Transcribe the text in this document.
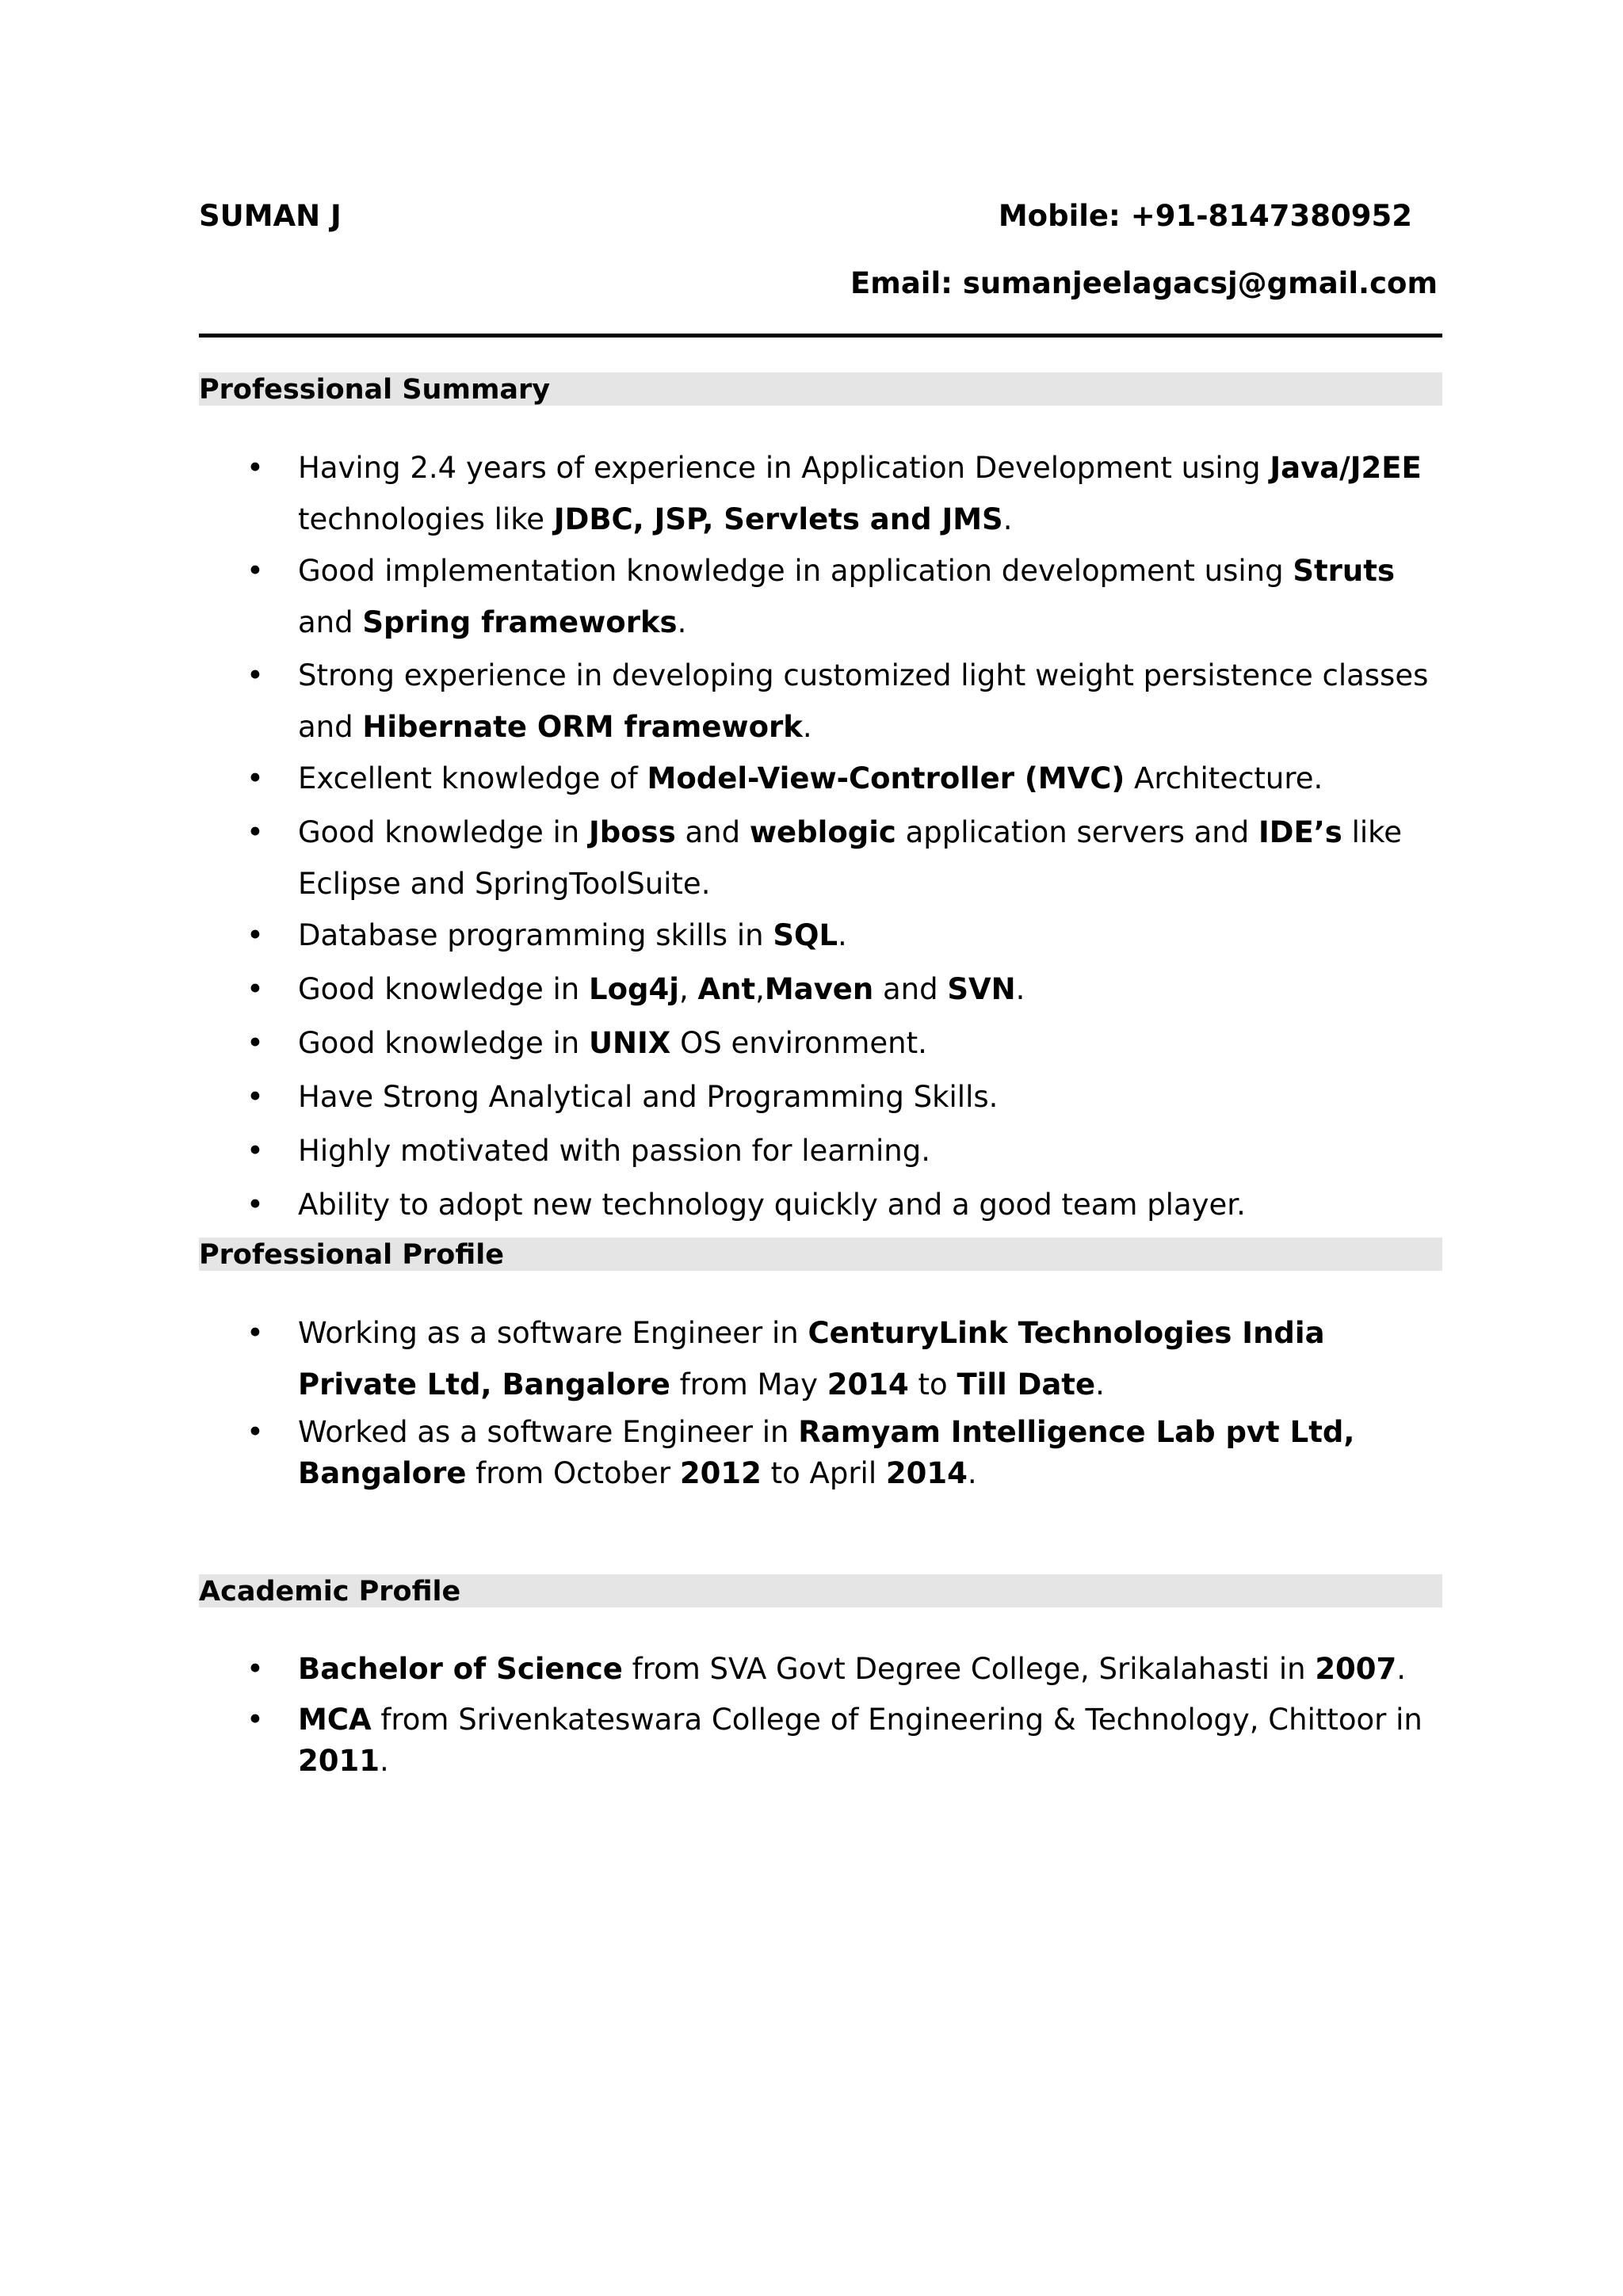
SUMAN J	Mobile: +91-8147380952
Email: sumanjeelagacsj@gmail.com
Professional Summary
• Having 2.4 years of experience in Application Development using Java/J2EE technologies like JDBC, JSP, Servlets and JMS.
• Good implementation knowledge in application development using Struts and Spring frameworks.
• Strong experience in developing customized light weight persistence classes and Hibernate ORM framework.
• Excellent knowledge of Model-View-Controller (MVC) Architecture.
• Good knowledge in Jboss and weblogic application servers and IDE’s like Eclipse and SpringToolSuite.
• Database programming skills in SQL.
• Good knowledge in Log4j, Ant,Maven and SVN.
• Good knowledge in UNIX OS environment.
• Have Strong Analytical and Programming Skills.
• Highly motivated with passion for learning.
• Ability to adopt new technology quickly and a good team player.
Professional Profile
• Working as a software Engineer in CenturyLink Technologies India Private Ltd, Bangalore from May 2014 to Till Date.
• Worked as a software Engineer in Ramyam Intelligence Lab pvt Ltd, Bangalore from October 2012 to April 2014.
Academic Profile
• Bachelor of Science from SVA Govt Degree College, Srikalahasti in 2007.
• MCA from Srivenkateswara College of Engineering & Technology, Chittoor in 2011.
